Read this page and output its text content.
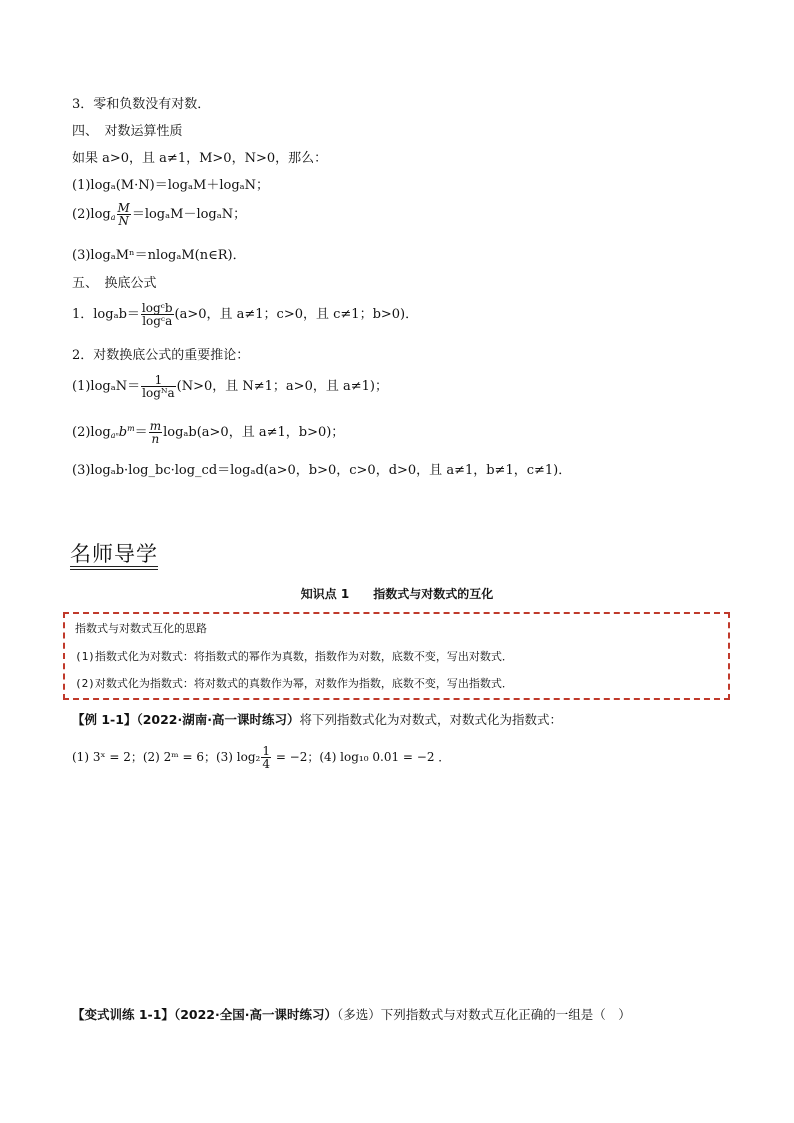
3．零和负数没有对数．
四、　对数运算性质
如果 a>0，且 a≠1，M>0，N>0，那么：
(1)logₐ(M·N)＝logₐM＋logₐN；
$(2)\log_a \frac{M}{N} =\log_aM-\log_aN$；
(3)logₐMⁿ＝nlogₐM(n∈R)．
五、　换底公式
1．$\log_ab= \frac{\text{logᶜb}}{\text{logᶜa}} (a>0$，且 a≠1；c>0，且 c≠1；b>0)．
2．对数换底公式的重要推论：
$(1)\log_aN= \frac{1}{\text{logᴺa}} (N>0$，且 N≠1；a>0，且 a≠1)；
$(2)\log_{a^n}b^m= \frac{m}{n} \log_ab(a>0$，且 a≠1，b>0)；
(3)logₐb·log_bc·log_cd＝logₐd(a>0，b>0，c>0，d>0，且 a≠1，b≠1，c≠1)．
名师导学
知识点 1　　指数式与对数式的互化
指数式与对数式互化的思路
(1)指数式化为对数式：将指数式的幂作为真数，指数作为对数，底数不变，写出对数式．
(2)对数式化为指数式：将对数式的真数作为幂，对数作为指数，底数不变，写出指数式．
【例 1-1】（2022·湖南·高一课时练习）将下列指数式化为对数式，对数式化为指数式：
(1) 3ˣ = 2；(2) 2ᵐ = 6；(3) $\log_2 \frac{1}{4} = -2$；(4) log₁₀ 0.01 = −2 ．
【变式训练 1-1】（2022·全国·高一课时练习）（多选）下列指数式与对数式互化正确的一组是（　）
